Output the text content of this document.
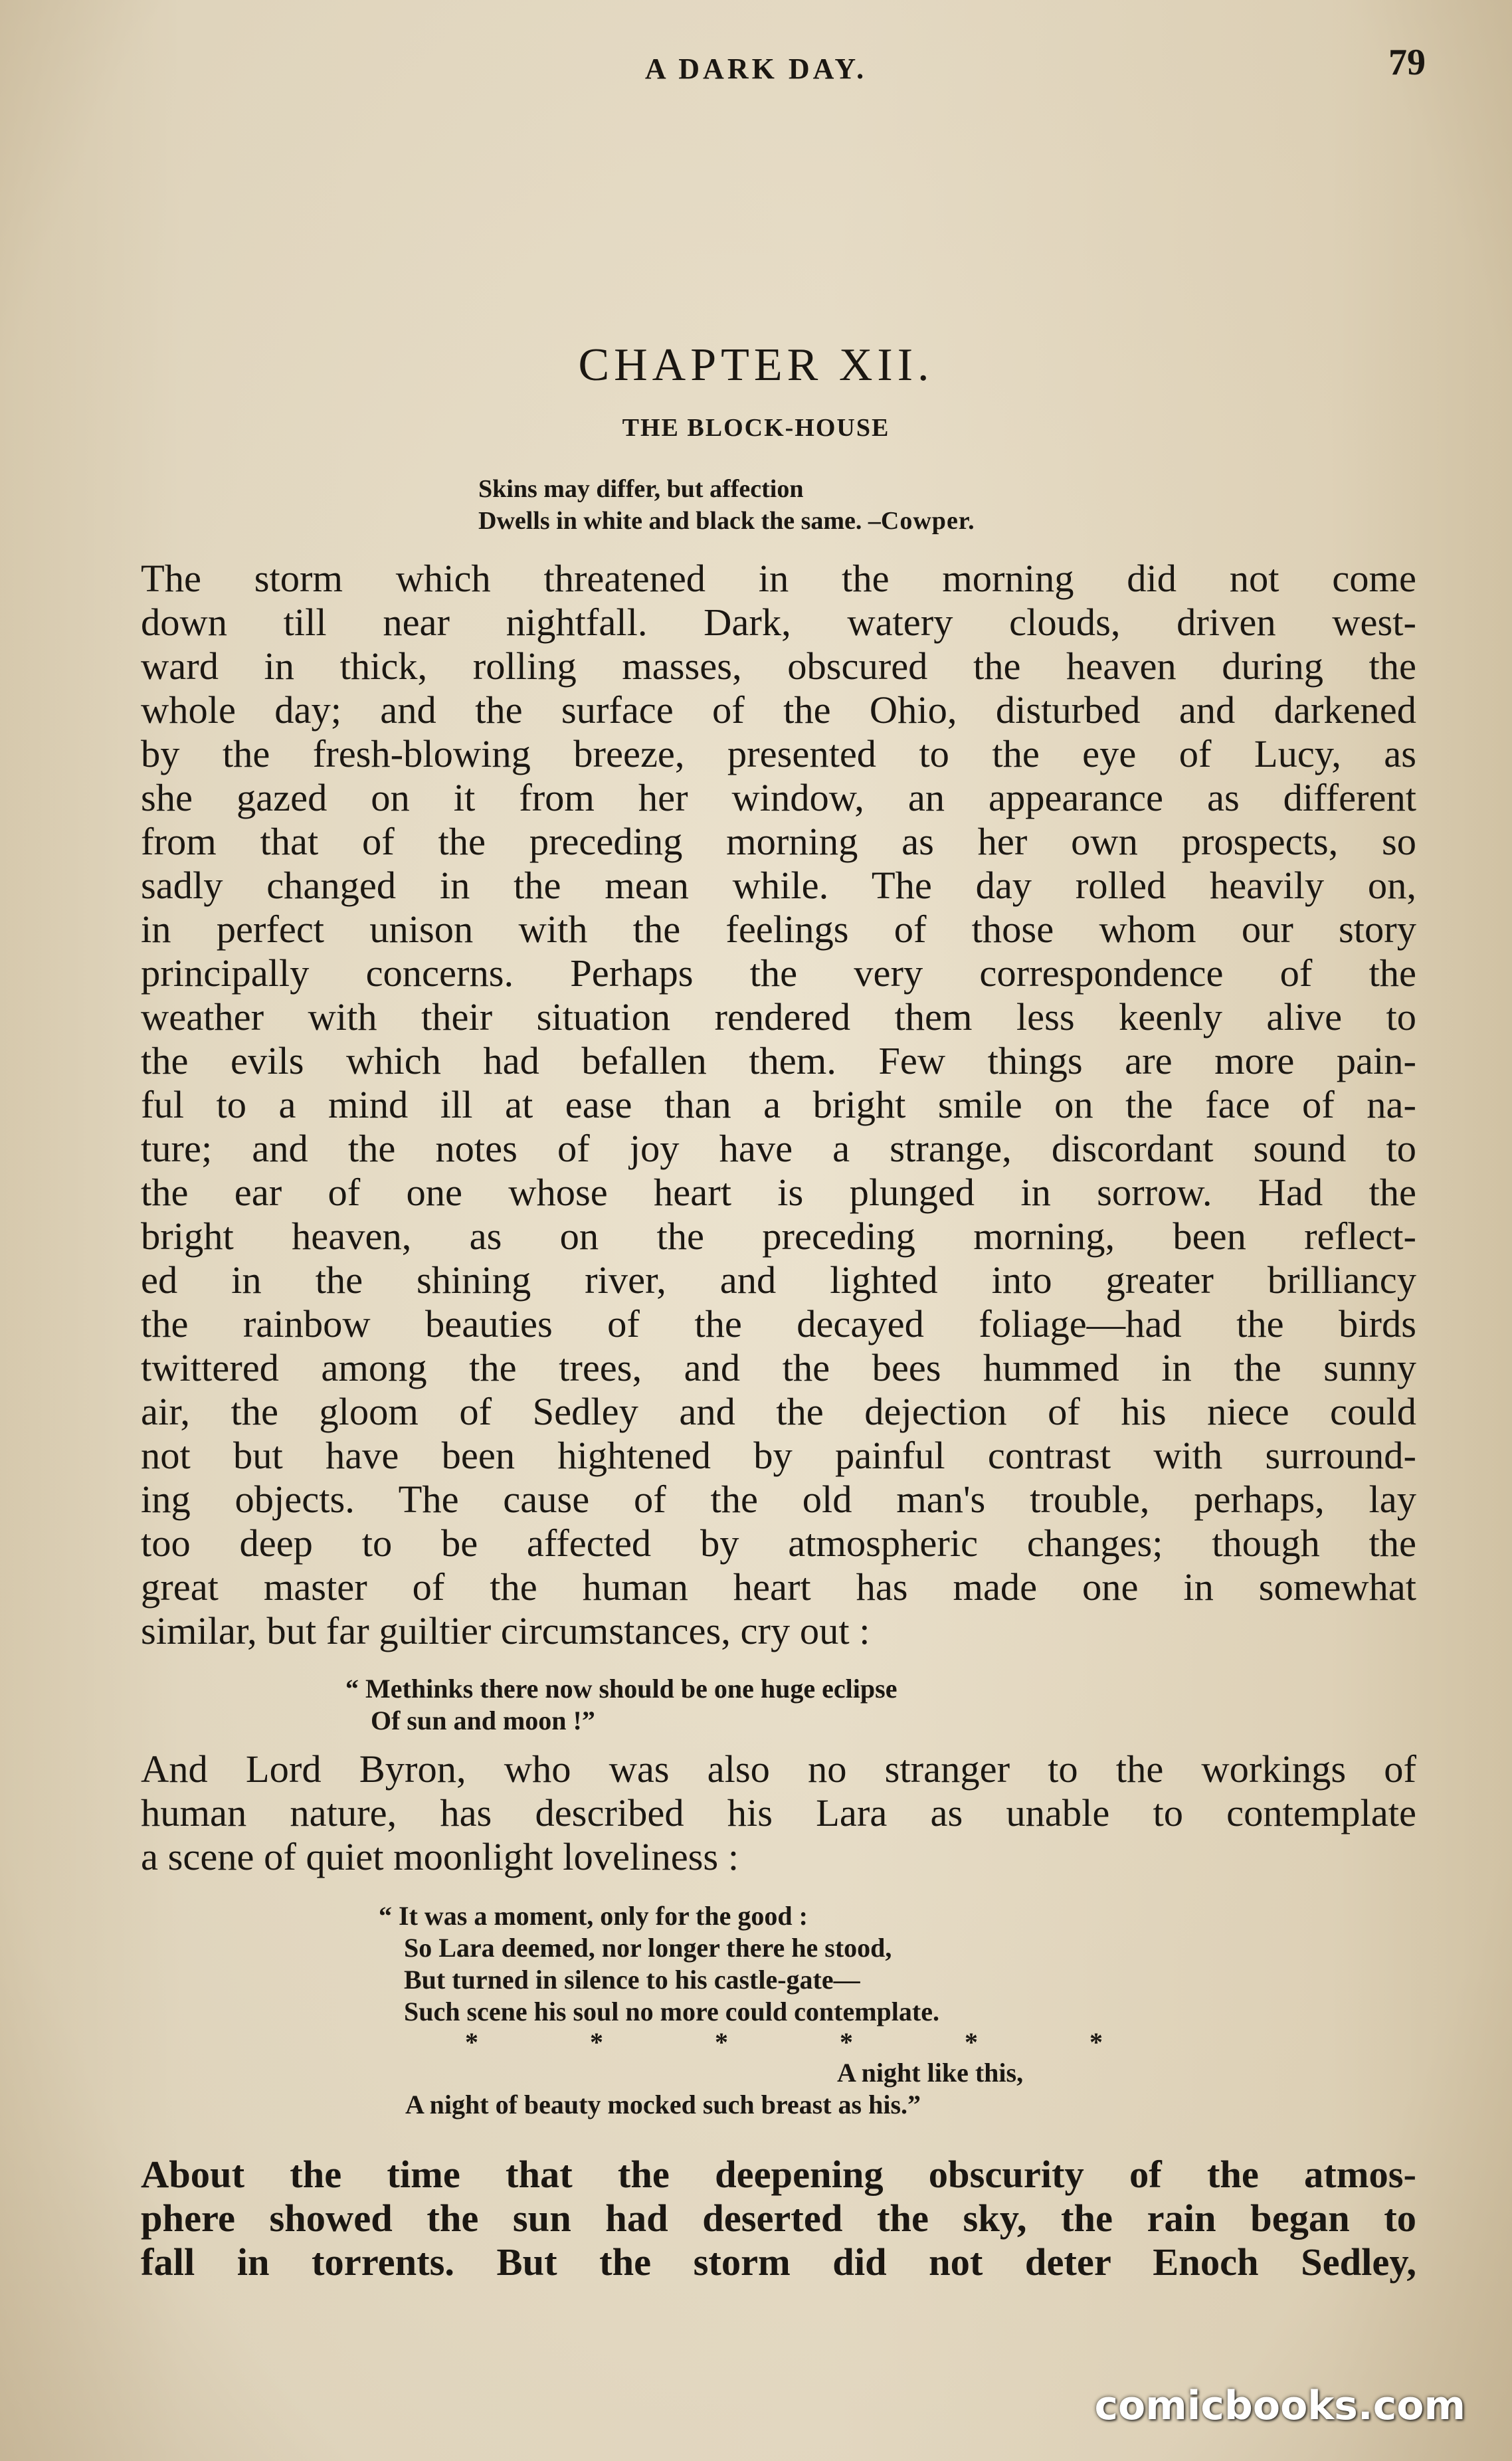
A DARK DAY.	79
CHAPTER XII.
THE BLOCK-HOUSE
Skins may differ, but affection
Dwells in white and black the same. –Cowper.
The storm which threatened in the morning did not come
down till near nightfall. Dark, watery clouds, driven west-
ward in thick, rolling masses, obscured the heaven during the
whole day; and the surface of the Ohio, disturbed and darkened
by the fresh-blowing breeze, presented to the eye of Lucy, as
she gazed on it from her window, an appearance as different
from that of the preceding morning as her own prospects, so
sadly changed in the mean while. The day rolled heavily on,
in perfect unison with the feelings of those whom our story
principally concerns. Perhaps the very correspondence of the
weather with their situation rendered them less keenly alive to
the evils which had befallen them. Few things are more pain-
ful to a mind ill at ease than a bright smile on the face of na-
ture; and the notes of joy have a strange, discordant sound to
the ear of one whose heart is plunged in sorrow. Had the
bright heaven, as on the preceding morning, been reflect-
ed in the shining river, and lighted into greater brilliancy
the rainbow beauties of the decayed foliage—had the birds
twittered among the trees, and the bees hummed in the sunny
air, the gloom of Sedley and the dejection of his niece could
not but have been hightened by painful contrast with surround-
ing objects. The cause of the old man's trouble, perhaps, lay
too deep to be affected by atmospheric changes; though the
great master of the human heart has made one in somewhat
similar, but far guiltier circumstances, cry out :
“ Methinks there now should be one huge eclipse
Of sun and moon !”
And Lord Byron, who was also no stranger to the workings of
human nature, has described his Lara as unable to contemplate
a scene of quiet moonlight loveliness :
“ It was a moment, only for the good :
So Lara deemed, nor longer there he stood,
But turned in silence to his castle-gate—
Such scene his soul no more could contemplate.
*	*	*	*	*	*
A night like this,
A night of beauty mocked such breast as his.”
About the time that the deepening obscurity of the atmos-
phere showed the sun had deserted the sky, the rain began to
fall in torrents. But the storm did not deter Enoch Sedley,
comicbooks.com
